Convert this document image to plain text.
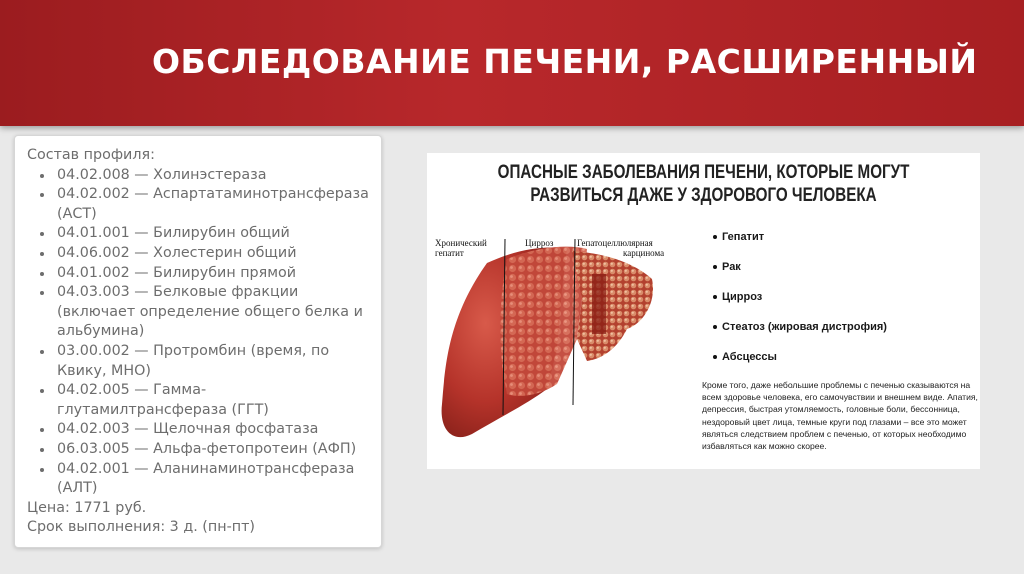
ОБСЛЕДОВАНИЕ ПЕЧЕНИ, РАСШИРЕННЫЙ
Состав профиля:
04.02.008 — Холинэстераза
04.02.002 — Аспартатаминотрансфераза (АСТ)
04.01.001 — Билирубин общий
04.06.002 — Холестерин общий
04.01.002 — Билирубин прямой
04.03.003 — Белковые фракции (включает определение общего белка и альбумина)
03.00.002 — Протромбин (время, по Квику, МНО)
04.02.005 — Гамма-глутамилтрансфераза (ГГТ)
04.02.003 — Щелочная фосфатаза
06.03.005 — Альфа-фетопротеин (АФП)
04.02.001 — Аланинаминотрансфераза (АЛТ)
Цена: 1771 руб.
Срок выполнения: 3 д. (пн-пт)
ОПАСНЫЕ ЗАБОЛЕВАНИЯ ПЕЧЕНИ, КОТОРЫЕ МОГУТ
РАЗВИТЬСЯ ДАЖЕ У ЗДОРОВОГО ЧЕЛОВЕКА
Хронический
гепатит
Цирроз	Гепатоцеллюлярная
карцинома
Гепатит
Рак
Цирроз
Стеатоз (жировая дистрофия)
Абсцессы
Кроме того, даже небольшие проблемы с печенью сказываются на всем здоровье человека, его самочувствии и внешнем виде. Апатия, депрессия, быстрая утомляемость, головные боли, бессонница, нездоровый цвет лица, темные круги под глазами – все это может являться следствием проблем с печенью, от которых необходимо избавляться как можно скорее.
